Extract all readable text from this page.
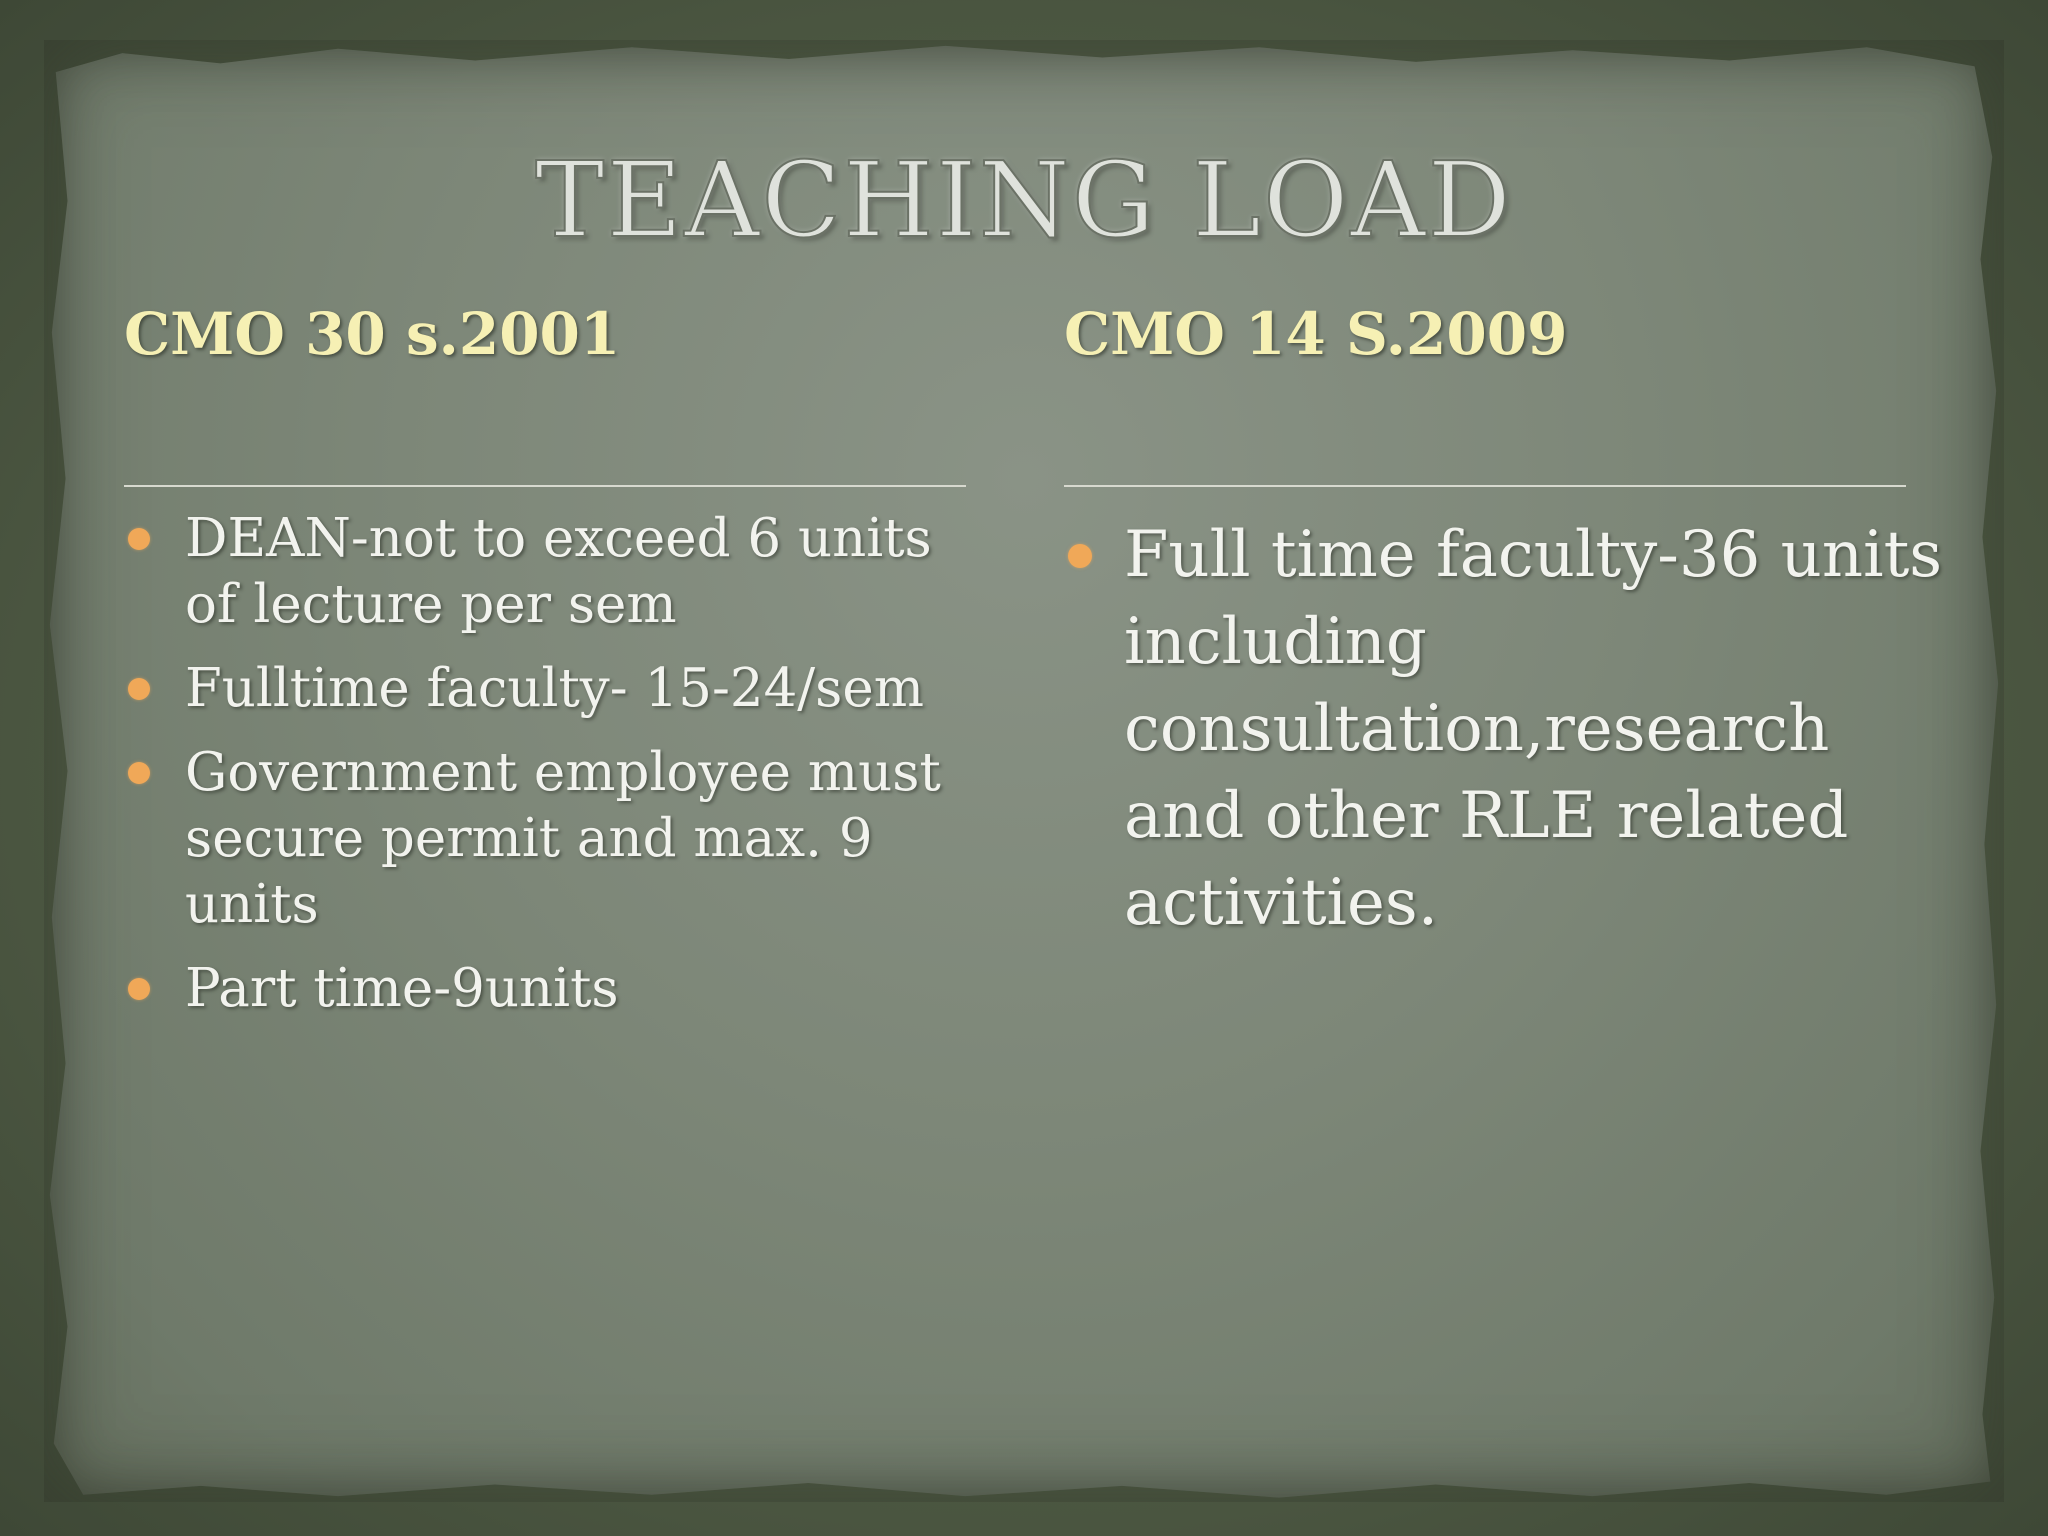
TEACHING LOAD
CMO 30 s.2001	CMO 14 S.2009
DEAN-not to exceed 6 units of lecture per sem
Fulltime faculty- 15-24/sem
Government employee must secure permit and max. 9 units
Part time-9units
Full time faculty-36 units including consultation,research and other RLE related activities.
